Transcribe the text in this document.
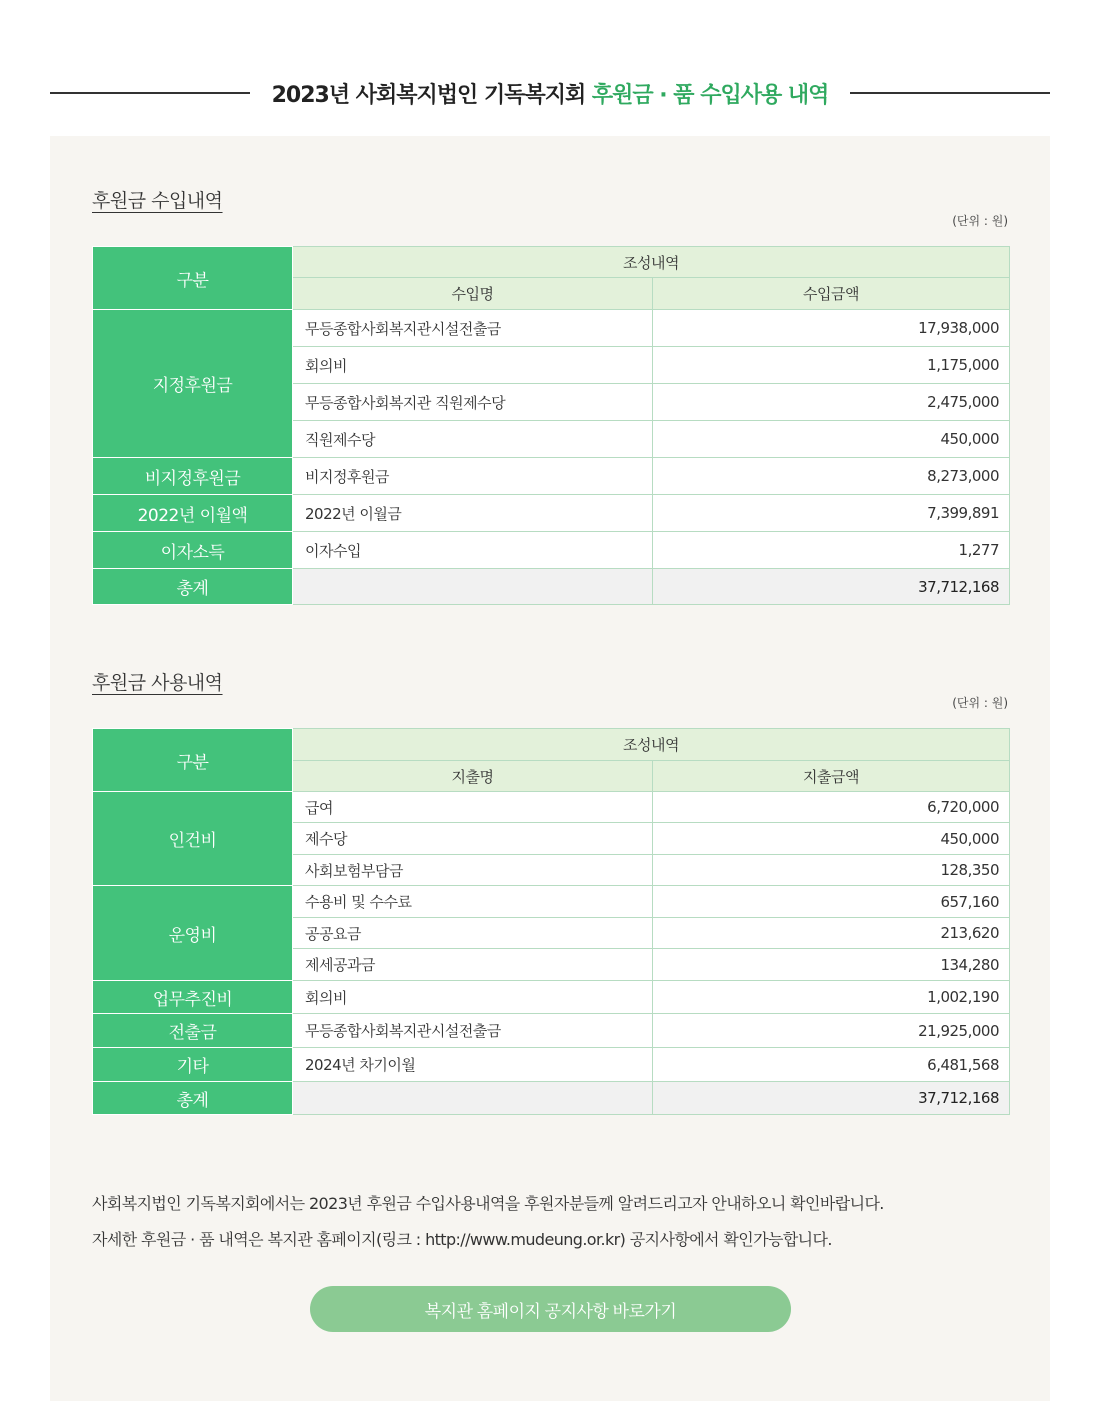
2023년 사회복지법인 기독복지회 후원금 · 품 수입사용 내역
후원금 수입내역
(단위 : 원)
구분	조성내역	
	수입명	수입금액
지정후원금	무등종합사회복지관시설전출금	17,938,000
	회의비	1,175,000
	무등종합사회복지관 직원제수당	2,475,000
	직원제수당	450,000
비지정후원금	비지정후원금	8,273,000
2022년 이월액	2022년 이월금	7,399,891
이자소득	이자수입	1,277
총계		37,712,168
후원금 사용내역
(단위 : 원)
구분	조성내역	
	지출명	지출금액
인건비	급여	6,720,000
	제수당	450,000
	사회보험부담금	128,350
운영비	수용비 및 수수료	657,160
	공공요금	213,620
	제세공과금	134,280
업무추진비	회의비	1,002,190
전출금	무등종합사회복지관시설전출금	21,925,000
기타	2024년 차기이월	6,481,568
총계		37,712,168
사회복지법인 기독복지회에서는 2023년 후원금 수입사용내역을 후원자분들께 알려드리고자 안내하오니 확인바랍니다.
자세한 후원금 · 품 내역은 복지관 홈페이지(링크 : http://www.mudeung.or.kr) 공지사항에서 확인가능합니다.
복지관 홈페이지 공지사항 바로가기
